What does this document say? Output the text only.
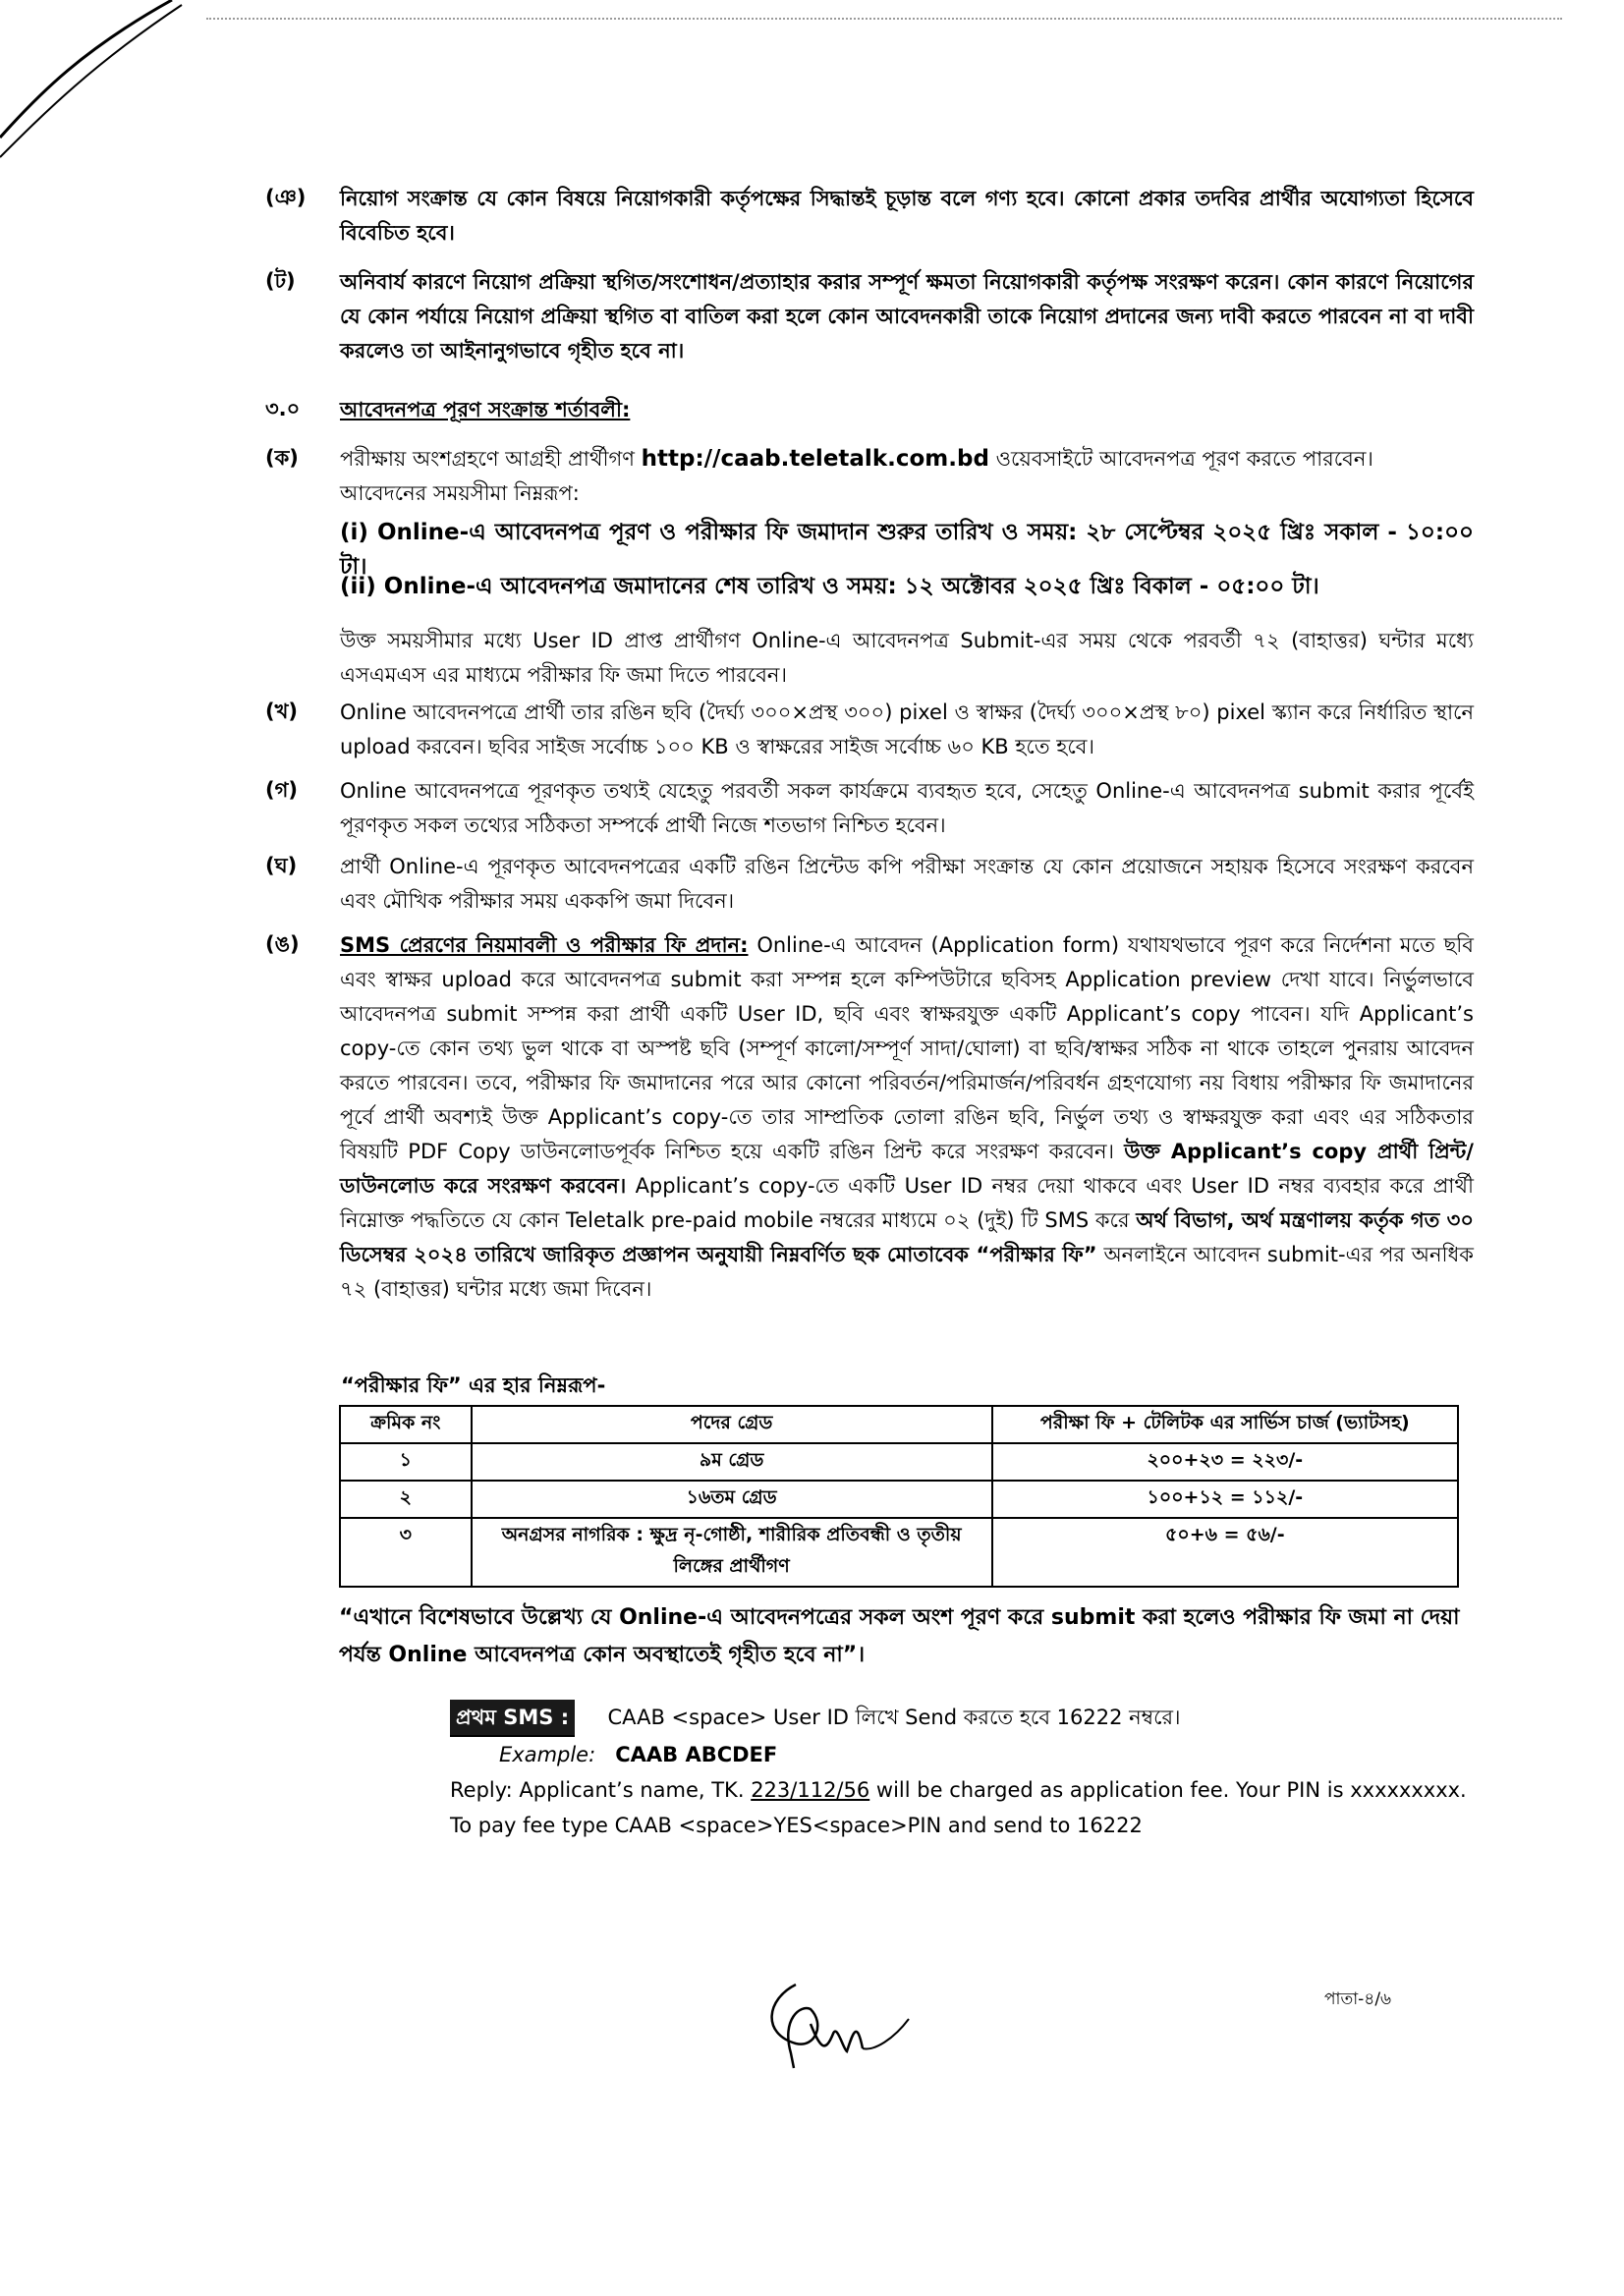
(ঞ)	নিয়োগ সংক্রান্ত যে কোন বিষয়ে নিয়োগকারী কর্তৃপক্ষের সিদ্ধান্তই চূড়ান্ত বলে গণ্য হবে। কোনো প্রকার তদবির প্রার্থীর অযোগ্যতা হিসেবে বিবেচিত হবে।
(ট)	অনিবার্য কারণে নিয়োগ প্রক্রিয়া স্থগিত/সংশোধন/প্রত্যাহার করার সম্পূর্ণ ক্ষমতা নিয়োগকারী কর্তৃপক্ষ সংরক্ষণ করেন। কোন কারণে নিয়োগের যে কোন পর্যায়ে নিয়োগ প্রক্রিয়া স্থগিত বা বাতিল করা হলে কোন আবেদনকারী তাকে নিয়োগ প্রদানের জন্য দাবী করতে পারবেন না বা দাবী করলেও তা আইনানুগভাবে গৃহীত হবে না।
৩.০	আবেদনপত্র পূরণ সংক্রান্ত শর্তাবলী:
(ক)	পরীক্ষায় অংশগ্রহণে আগ্রহী প্রার্থীগণ http://caab.teletalk.com.bd ওয়েবসাইটে আবেদনপত্র পূরণ করতে পারবেন।
আবেদনের সময়সীমা নিম্নরূপ:
(i) Online-এ আবেদনপত্র পূরণ ও পরীক্ষার ফি জমাদান শুরুর তারিখ ও সময়: ২৮ সেপ্টেম্বর ২০২৫ খ্রিঃ সকাল - ১০:০০ টা।
(ii) Online-এ আবেদনপত্র জমাদানের শেষ তারিখ ও সময়: ১২ অক্টোবর ২০২৫ খ্রিঃ বিকাল - ০৫:০০ টা।
উক্ত সময়সীমার মধ্যে User ID প্রাপ্ত প্রার্থীগণ Online-এ আবেদনপত্র Submit-এর সময় থেকে পরবর্তী ৭২ (বাহাত্তর) ঘন্টার মধ্যে এসএমএস এর মাধ্যমে পরীক্ষার ফি জমা দিতে পারবেন।
(খ)	Online আবেদনপত্রে প্রার্থী তার রঙিন ছবি (দৈর্ঘ্য ৩০০×প্রস্থ ৩০০) pixel ও স্বাক্ষর (দৈর্ঘ্য ৩০০×প্রস্থ ৮০) pixel স্ক্যান করে নির্ধারিত স্থানে upload করবেন। ছবির সাইজ সর্বোচ্চ ১০০ KB ও স্বাক্ষরের সাইজ সর্বোচ্চ ৬০ KB হতে হবে।
(গ)	Online আবেদনপত্রে পূরণকৃত তথ্যই যেহেতু পরবর্তী সকল কার্যক্রমে ব্যবহৃত হবে, সেহেতু Online-এ আবেদনপত্র submit করার পূর্বেই পূরণকৃত সকল তথ্যের সঠিকতা সম্পর্কে প্রার্থী নিজে শতভাগ নিশ্চিত হবেন।
(ঘ)	প্রার্থী Online-এ পূরণকৃত আবেদনপত্রের একটি রঙিন প্রিন্টেড কপি পরীক্ষা সংক্রান্ত যে কোন প্রয়োজনে সহায়ক হিসেবে সংরক্ষণ করবেন এবং মৌখিক পরীক্ষার সময় এককপি জমা দিবেন।
(ঙ)	SMS প্রেরণের নিয়মাবলী ও পরীক্ষার ফি প্রদান: Online-এ আবেদন (Application form) যথাযথভাবে পূরণ করে নির্দেশনা মতে ছবি এবং স্বাক্ষর upload করে আবেদনপত্র submit করা সম্পন্ন হলে কম্পিউটারে ছবিসহ Application preview দেখা যাবে। নির্ভুলভাবে আবেদনপত্র submit সম্পন্ন করা প্রার্থী একটি User ID, ছবি এবং স্বাক্ষরযুক্ত একটি Applicant’s copy পাবেন। যদি Applicant’s copy-তে কোন তথ্য ভুল থাকে বা অস্পষ্ট ছবি (সম্পূর্ণ কালো/সম্পূর্ণ সাদা/ঘোলা) বা ছবি/স্বাক্ষর সঠিক না থাকে তাহলে পুনরায় আবেদন করতে পারবেন। তবে, পরীক্ষার ফি জমাদানের পরে আর কোনো পরিবর্তন/পরিমার্জন/পরিবর্ধন গ্রহণযোগ্য নয় বিধায় পরীক্ষার ফি জমাদানের পূর্বে প্রার্থী অবশ্যই উক্ত Applicant’s copy-তে তার সাম্প্রতিক তোলা রঙিন ছবি, নির্ভুল তথ্য ও স্বাক্ষরযুক্ত করা এবং এর সঠিকতার বিষয়টি PDF Copy ডাউনলোডপূর্বক নিশ্চিত হয়ে একটি রঙিন প্রিন্ট করে সংরক্ষণ করবেন। উক্ত Applicant’s copy প্রার্থী প্রিন্ট/ডাউনলোড করে সংরক্ষণ করবেন। Applicant’s copy-তে একটি User ID নম্বর দেয়া থাকবে এবং User ID নম্বর ব্যবহার করে প্রার্থী নিম্নোক্ত পদ্ধতিতে যে কোন Teletalk pre-paid mobile নম্বরের মাধ্যমে ০২ (দুই) টি SMS করে অর্থ বিভাগ, অর্থ মন্ত্রণালয় কর্তৃক গত ৩০ ডিসেম্বর ২০২৪ তারিখে জারিকৃত প্রজ্ঞাপন অনুযায়ী নিম্নবর্ণিত ছক মোতাবেক “পরীক্ষার ফি” অনলাইনে আবেদন submit-এর পর অনধিক ৭২ (বাহাত্তর) ঘন্টার মধ্যে জমা দিবেন।
“পরীক্ষার ফি” এর হার নিম্নরূপ-
ক্রমিক নং	পদের গ্রেড	পরীক্ষা ফি + টেলিটক এর সার্ভিস চার্জ (ভ্যাটসহ)
১	৯ম গ্রেড	২০০+২৩ = ২২৩/-
২	১৬তম গ্রেড	১০০+১২ = ১১২/-
৩	অনগ্রসর নাগরিক : ক্ষুদ্র নৃ-গোষ্ঠী, শারীরিক প্রতিবন্ধী ও তৃতীয় লিঙ্গের প্রার্থীগণ	৫০+৬ = ৫৬/-
“এখানে বিশেষভাবে উল্লেখ্য যে Online-এ আবেদনপত্রের সকল অংশ পূরণ করে submit করা হলেও পরীক্ষার ফি জমা না দেয়া পর্যন্ত Online আবেদনপত্র কোন অবস্থাতেই গৃহীত হবে না”।
প্রথম SMS : CAAB <space> User ID লিখে Send করতে হবে 16222 নম্বরে।
Example: CAAB ABCDEF
Reply: Applicant’s name, TK. 223/112/56 will be charged as application fee. Your PIN is xxxxxxxxx. To pay fee type CAAB <space>YES<space>PIN and send to 16222
পাতা-৪/৬
